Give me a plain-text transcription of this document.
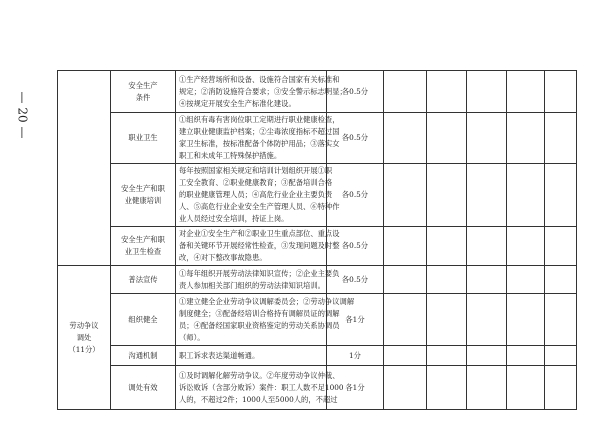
— 20 —

	安全生产
条件	①生产经营场所和设备、设施符合国家有关标准和
规定；②消防设施符合要求；③安全警示标志明显；
④按规定开展安全生产标准化建设。	各0.5分					

	职业卫生	①组织有毒有害岗位职工定期进行职业健康检查，
建立职业健康监护档案；②尘毒浓度指标不超过国
家卫生标准，按标准配备个体防护用品；③落实女
职工和未成年工特殊保护措施。	各0.5分					

	安全生产和职
业健康培训	每年按照国家相关规定和培训计划组织开展①职
工安全教育、②职业健康教育；③配备培训合格
的职业健康管理人员；④高危行业企业主要负责
人、⑤高危行业企业安全生产管理人员、⑥特种作
业人员经过安全培训，持证上岗。	各0.5分					

	安全生产和职
业卫生检查	对企业①安全生产和②职业卫生重点部位、重点设
备和关键环节开展经常性检查，③发现问题及时整
改，④对下整改事故隐患。	各0.5分					

劳动争议
调处
（11分）	普法宣传	①每年组织开展劳动法律知识宣传；②企业主要负
责人参加相关部门组织的劳动法律知识培训。	各0.5分					

	组织健全	①建立健全企业劳动争议调解委员会；②劳动争议调解
制度健全；③配备经培训合格持有调解员证的调解
员；④配备经国家职业资格鉴定的劳动关系协调员
（师）。	各1分					

	沟通机制	职工诉求表达渠道畅通。	1分					

	调处有效	①及时调解化解劳动争议。②年度劳动争议仲裁、
诉讼败诉（含部分败诉）案件：职工人数不足1000
人的，不超过2件；1000人至5000人的，不超过	各1分					
